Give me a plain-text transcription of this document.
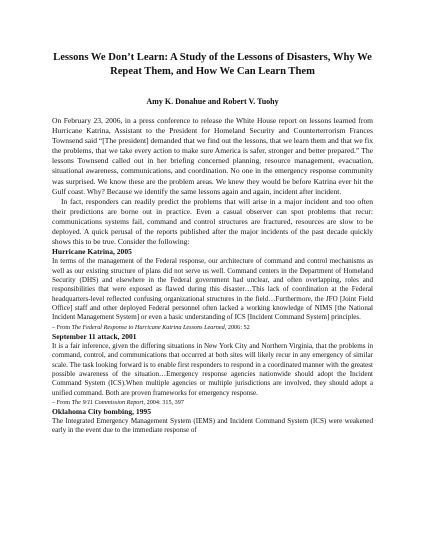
Lessons We Don’t Learn: A Study of the Lessons of Disasters, Why We Repeat Them, and How We Can Learn Them
Amy K. Donahue and Robert V. Tuohy

On February 23, 2006, in a press conference to release the White House report on lessons learned from Hurricane Katrina, Assistant to the President for Homeland Security and Counterterrorism Frances Townsend said “[The president] demanded that we find out the lessons, that we learn them and that we fix the problems, that we take every action to make sure America is safer, stronger and better prepared.” The lessons Townsend called out in her briefing concerned planning, resource management, evacuation, situational awareness, communications, and coordination. No one in the emergency response community was surprised. We know these are the problem areas. We knew they would be before Katrina ever hit the Gulf coast. Why? Because we identify the same lessons again and again, incident after incident.

In fact, responders can readily predict the problems that will arise in a major incident and too often their predictions are borne out in practice. Even a casual observer can spot problems that recur: communications systems fail, command and control structures are fractured, resources are slow to be deployed. A quick perusal of the reports published after the major incidents of the past decade quickly shows this to be true. Consider the following:

Hurricane Katrina, 2005

In terms of the management of the Federal response, our architecture of command and control mechanisms as well as our existing structure of plans did not serve us well. Command centers in the Department of Homeland Security (DHS) and elsewhere in the Federal government had unclear, and often overlapping, roles and responsibilities that were exposed as flawed during this disaster…This lack of coordination at the Federal headquarters-level reflected confusing organizational structures in the field…Furthermore, the JFO [Joint Field Office] staff and other deployed Federal personnel often lacked a working knowledge of NIMS [the National Incident Management System] or even a basic understanding of ICS [Incident Command System] principles.

– From The Federal Response to Hurricane Katrina Lessons Learned, 2006: 52

September 11 attack, 2001

It is a fair inference, given the differing situations in New York City and Northern Virginia, that the problems in command, control, and communications that occurred at both sites will likely recur in any emergency of similar scale. The task looking forward is to enable first responders to respond in a coordinated manner with the greatest possible awareness of the situation…Emergency response agencies nationwide should adopt the Incident Command System (ICS).When multiple agencies or multiple jurisdictions are involved, they should adopt a unified command. Both are proven frameworks for emergency response.

– From The 9/11 Commission Report, 2004: 315, 397

Oklahoma City bombing, 1995

The Integrated Emergency Management System (IEMS) and Incident Command System (ICS) were weakened early in the event due to the immediate response of
